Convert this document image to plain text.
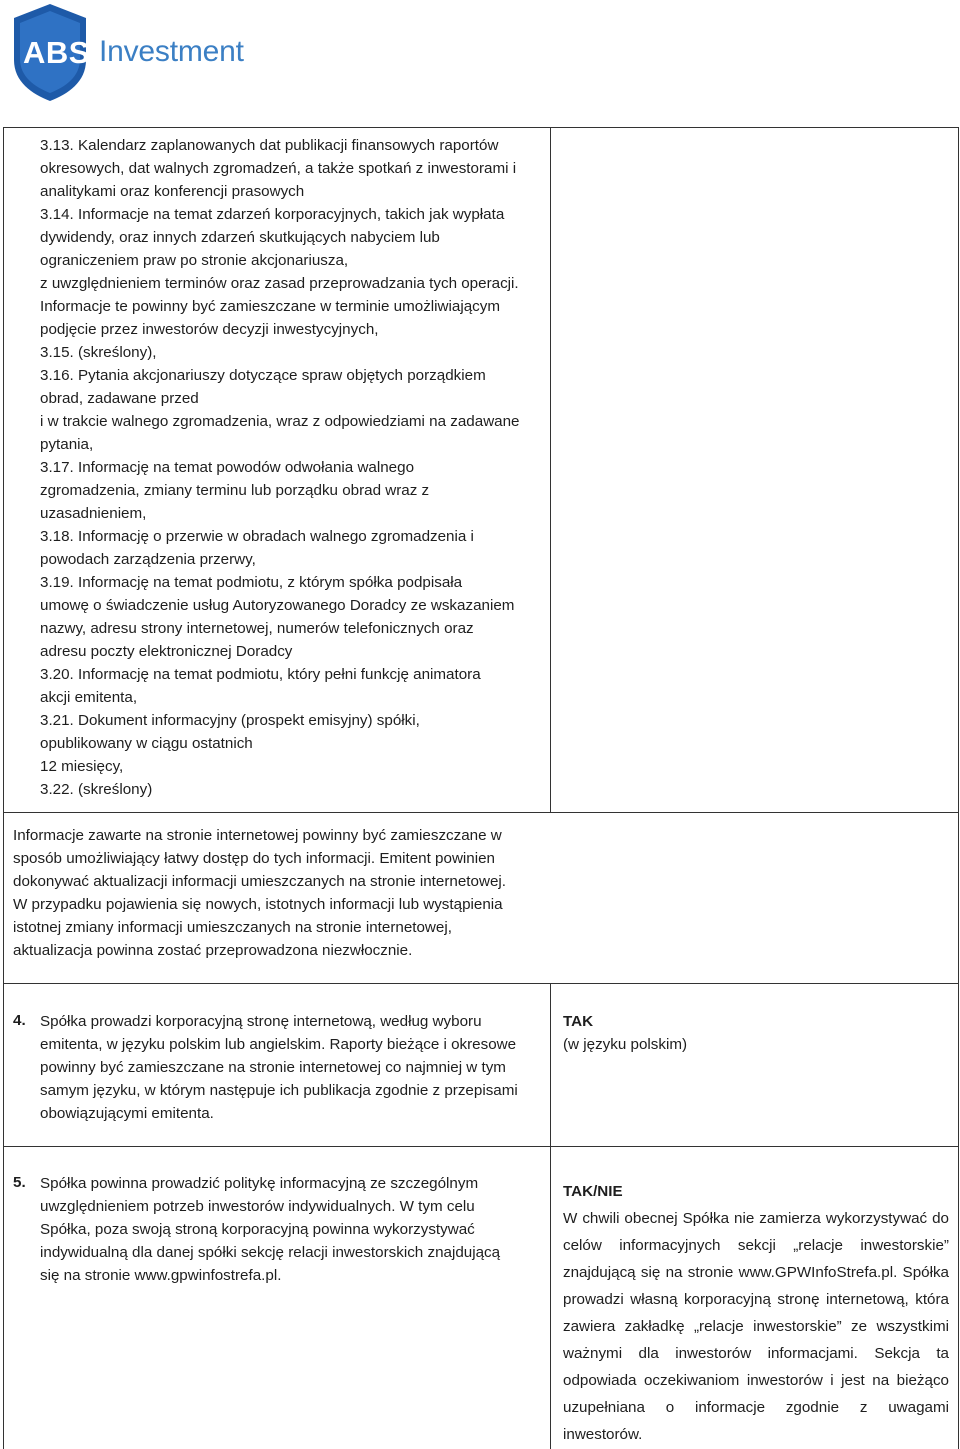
ABS Investment
3.13. Kalendarz zaplanowanych dat publikacji finansowych raportów
okresowych, dat walnych zgromadzeń, a także spotkań z inwestorami i
analitykami oraz konferencji prasowych
3.14. Informacje na temat zdarzeń korporacyjnych, takich jak wypłata
dywidendy, oraz innych zdarzeń skutkujących nabyciem lub
ograniczeniem praw po stronie akcjonariusza,
z uwzględnieniem terminów oraz zasad przeprowadzania tych operacji.
Informacje te powinny być zamieszczane w terminie umożliwiającym
podjęcie przez inwestorów decyzji inwestycyjnych,
3.15. (skreślony),
3.16. Pytania akcjonariuszy dotyczące spraw objętych porządkiem
obrad, zadawane przed
i w trakcie walnego zgromadzenia, wraz z odpowiedziami na zadawane
pytania,
3.17. Informację na temat powodów odwołania walnego
zgromadzenia, zmiany terminu lub porządku obrad wraz z
uzasadnieniem,
3.18. Informację o przerwie w obradach walnego zgromadzenia i
powodach zarządzenia przerwy,
3.19. Informację na temat podmiotu, z którym spółka podpisała
umowę o świadczenie usług Autoryzowanego Doradcy ze wskazaniem
nazwy, adresu strony internetowej, numerów telefonicznych oraz
adresu poczty elektronicznej Doradcy
3.20. Informację na temat podmiotu, który pełni funkcję animatora
akcji emitenta,
3.21. Dokument informacyjny (prospekt emisyjny) spółki,
opublikowany w ciągu ostatnich
12 miesięcy,
3.22. (skreślony)
Informacje zawarte na stronie internetowej powinny być zamieszczane w
sposób umożliwiający łatwy dostęp do tych informacji. Emitent powinien
dokonywać aktualizacji informacji umieszczanych na stronie internetowej.
W przypadku pojawienia się nowych, istotnych informacji lub wystąpienia
istotnej zmiany informacji umieszczanych na stronie internetowej,
aktualizacja powinna zostać przeprowadzona niezwłocznie.
4. Spółka prowadzi korporacyjną stronę internetową, według wyboru
emitenta, w języku polskim lub angielskim. Raporty bieżące i okresowe
powinny być zamieszczane na stronie internetowej co najmniej w tym
samym języku, w którym następuje ich publikacja zgodnie z przepisami
obowiązującymi emitenta.
TAK
(w języku polskim)
5. Spółka powinna prowadzić politykę informacyjną ze szczególnym
uwzględnieniem potrzeb inwestorów indywidualnych. W tym celu
Spółka, poza swoją stroną korporacyjną powinna wykorzystywać
indywidualną dla danej spółki sekcję relacji inwestorskich znajdującą
się na stronie www.gpwinfostrefa.pl.
TAK/NIE
W chwili obecnej Spółka nie zamierza wykorzystywać do celów informacyjnych sekcji „relacje inwestorskie” znajdującą się na stronie www.GPWInfoStrefa.pl. Spółka prowadzi własną korporacyjną stronę internetową, która zawiera zakładkę „relacje inwestorskie” ze wszystkimi ważnymi dla inwestorów informacjami. Sekcja ta odpowiada oczekiwaniom inwestorów i jest na bieżąco uzupełniana o informacje zgodnie z uwagami inwestorów.
